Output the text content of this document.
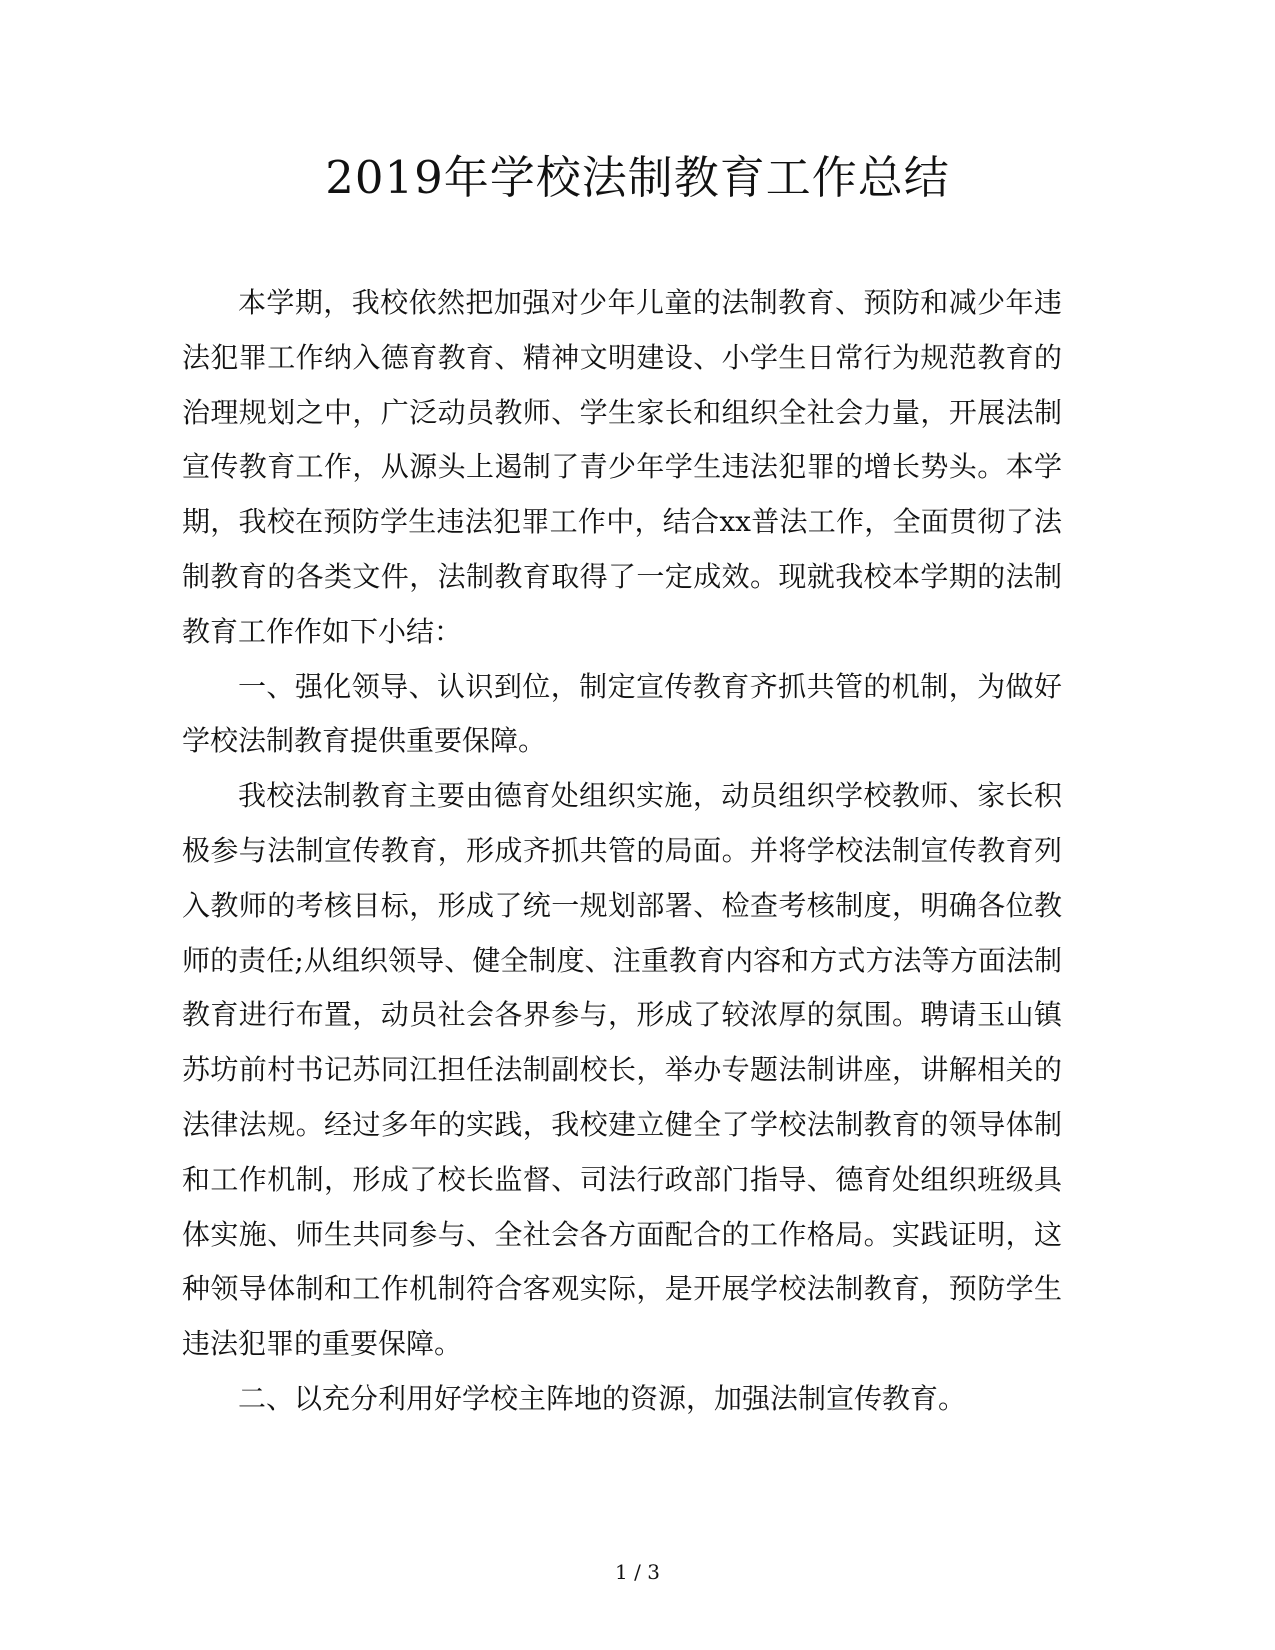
2019年学校法制教育工作总结

本学期，我校依然把加强对少年儿童的法制教育、预防和减少年违法犯罪工作纳入德育教育、精神文明建设、小学生日常行为规范教育的治理规划之中，广泛动员教师、学生家长和组织全社会力量，开展法制宣传教育工作，从源头上遏制了青少年学生违法犯罪的增长势头。本学期，我校在预防学生违法犯罪工作中，结合xx普法工作，全面贯彻了法制教育的各类文件，法制教育取得了一定成效。现就我校本学期的法制教育工作作如下小结：

一、强化领导、认识到位，制定宣传教育齐抓共管的机制，为做好学校法制教育提供重要保障。

我校法制教育主要由德育处组织实施，动员组织学校教师、家长积极参与法制宣传教育，形成齐抓共管的局面。并将学校法制宣传教育列入教师的考核目标，形成了统一规划部署、检查考核制度，明确各位教师的责任;从组织领导、健全制度、注重教育内容和方式方法等方面法制教育进行布置，动员社会各界参与，形成了较浓厚的氛围。聘请玉山镇苏坊前村书记苏同江担任法制副校长，举办专题法制讲座，讲解相关的法律法规。经过多年的实践，我校建立健全了学校法制教育的领导体制和工作机制，形成了校长监督、司法行政部门指导、德育处组织班级具体实施、师生共同参与、全社会各方面配合的工作格局。实践证明，这种领导体制和工作机制符合客观实际，是开展学校法制教育，预防学生违法犯罪的重要保障。

二、以充分利用好学校主阵地的资源，加强法制宣传教育。

1 / 3
